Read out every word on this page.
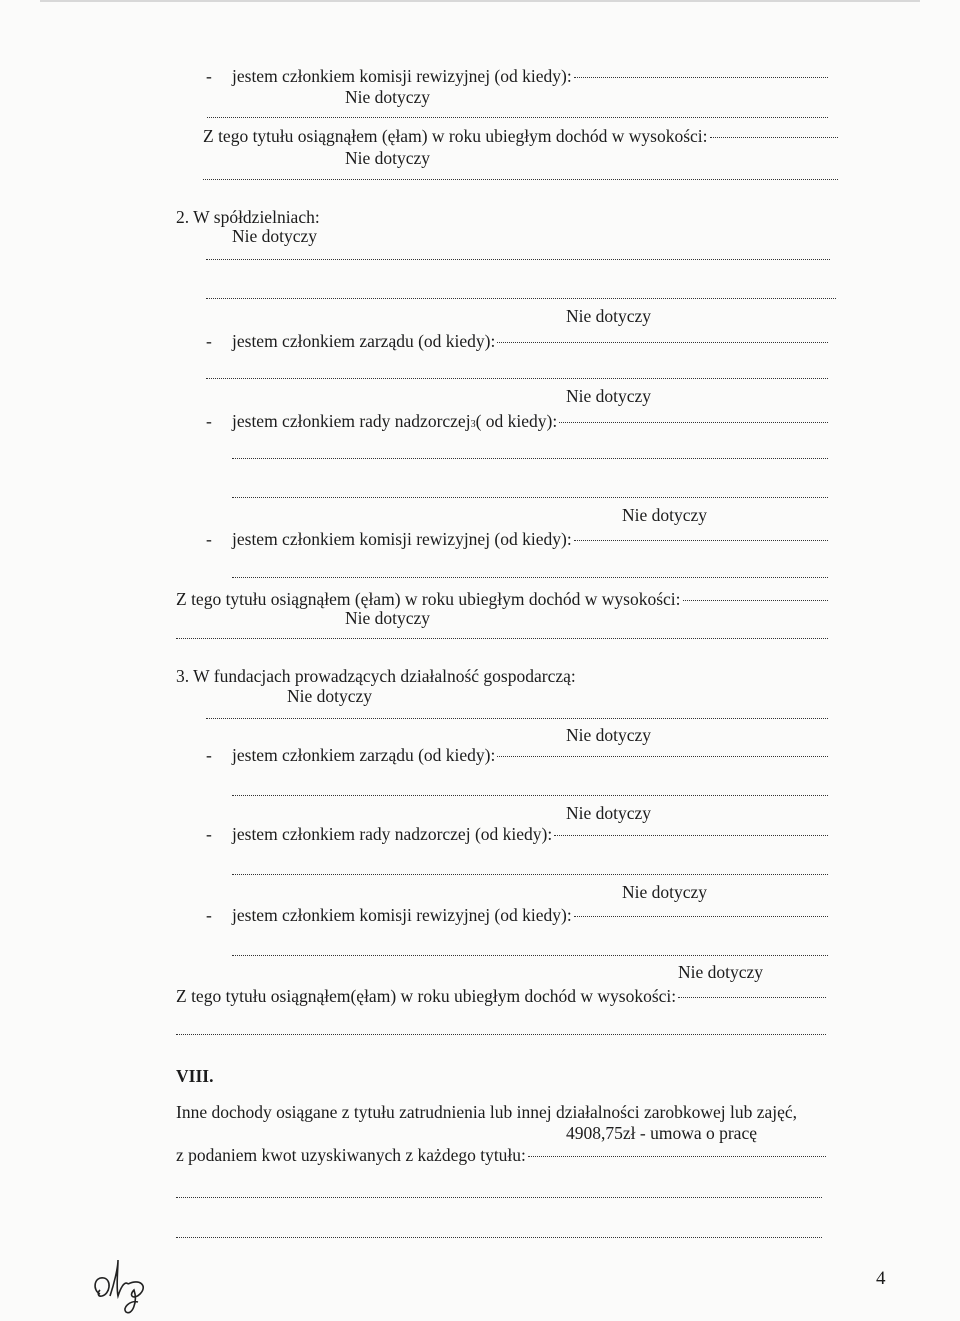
- jestem członkiem komisji rewizyjnej (od kiedy):
Nie dotyczy
Z tego tytułu osiągnąłem (ęłam) w roku ubiegłym dochód w wysokości:
Nie dotyczy
2. W spółdzielniach:
Nie dotyczy
Nie dotyczy
- jestem członkiem zarządu (od kiedy):
Nie dotyczy
- jestem członkiem rady nadzorczej 3 ( od kiedy):
Nie dotyczy
- jestem członkiem komisji rewizyjnej (od kiedy):
Z tego tytułu osiągnąłem (ęłam) w roku ubiegłym dochód w wysokości:
Nie dotyczy
3. W fundacjach prowadzących działalność gospodarczą:
Nie dotyczy
Nie dotyczy
- jestem członkiem zarządu (od kiedy):
Nie dotyczy
- jestem członkiem rady nadzorczej (od kiedy):
Nie dotyczy
- jestem członkiem komisji rewizyjnej (od kiedy):
Nie dotyczy
Z tego tytułu osiągnąłem(ęłam) w roku ubiegłym dochód w wysokości:
VIII.
Inne dochody osiągane z tytułu zatrudnienia lub innej działalności zarobkowej lub zajęć,
4908,75zł - umowa o pracę
z podaniem kwot uzyskiwanych z każdego tytułu:
4
